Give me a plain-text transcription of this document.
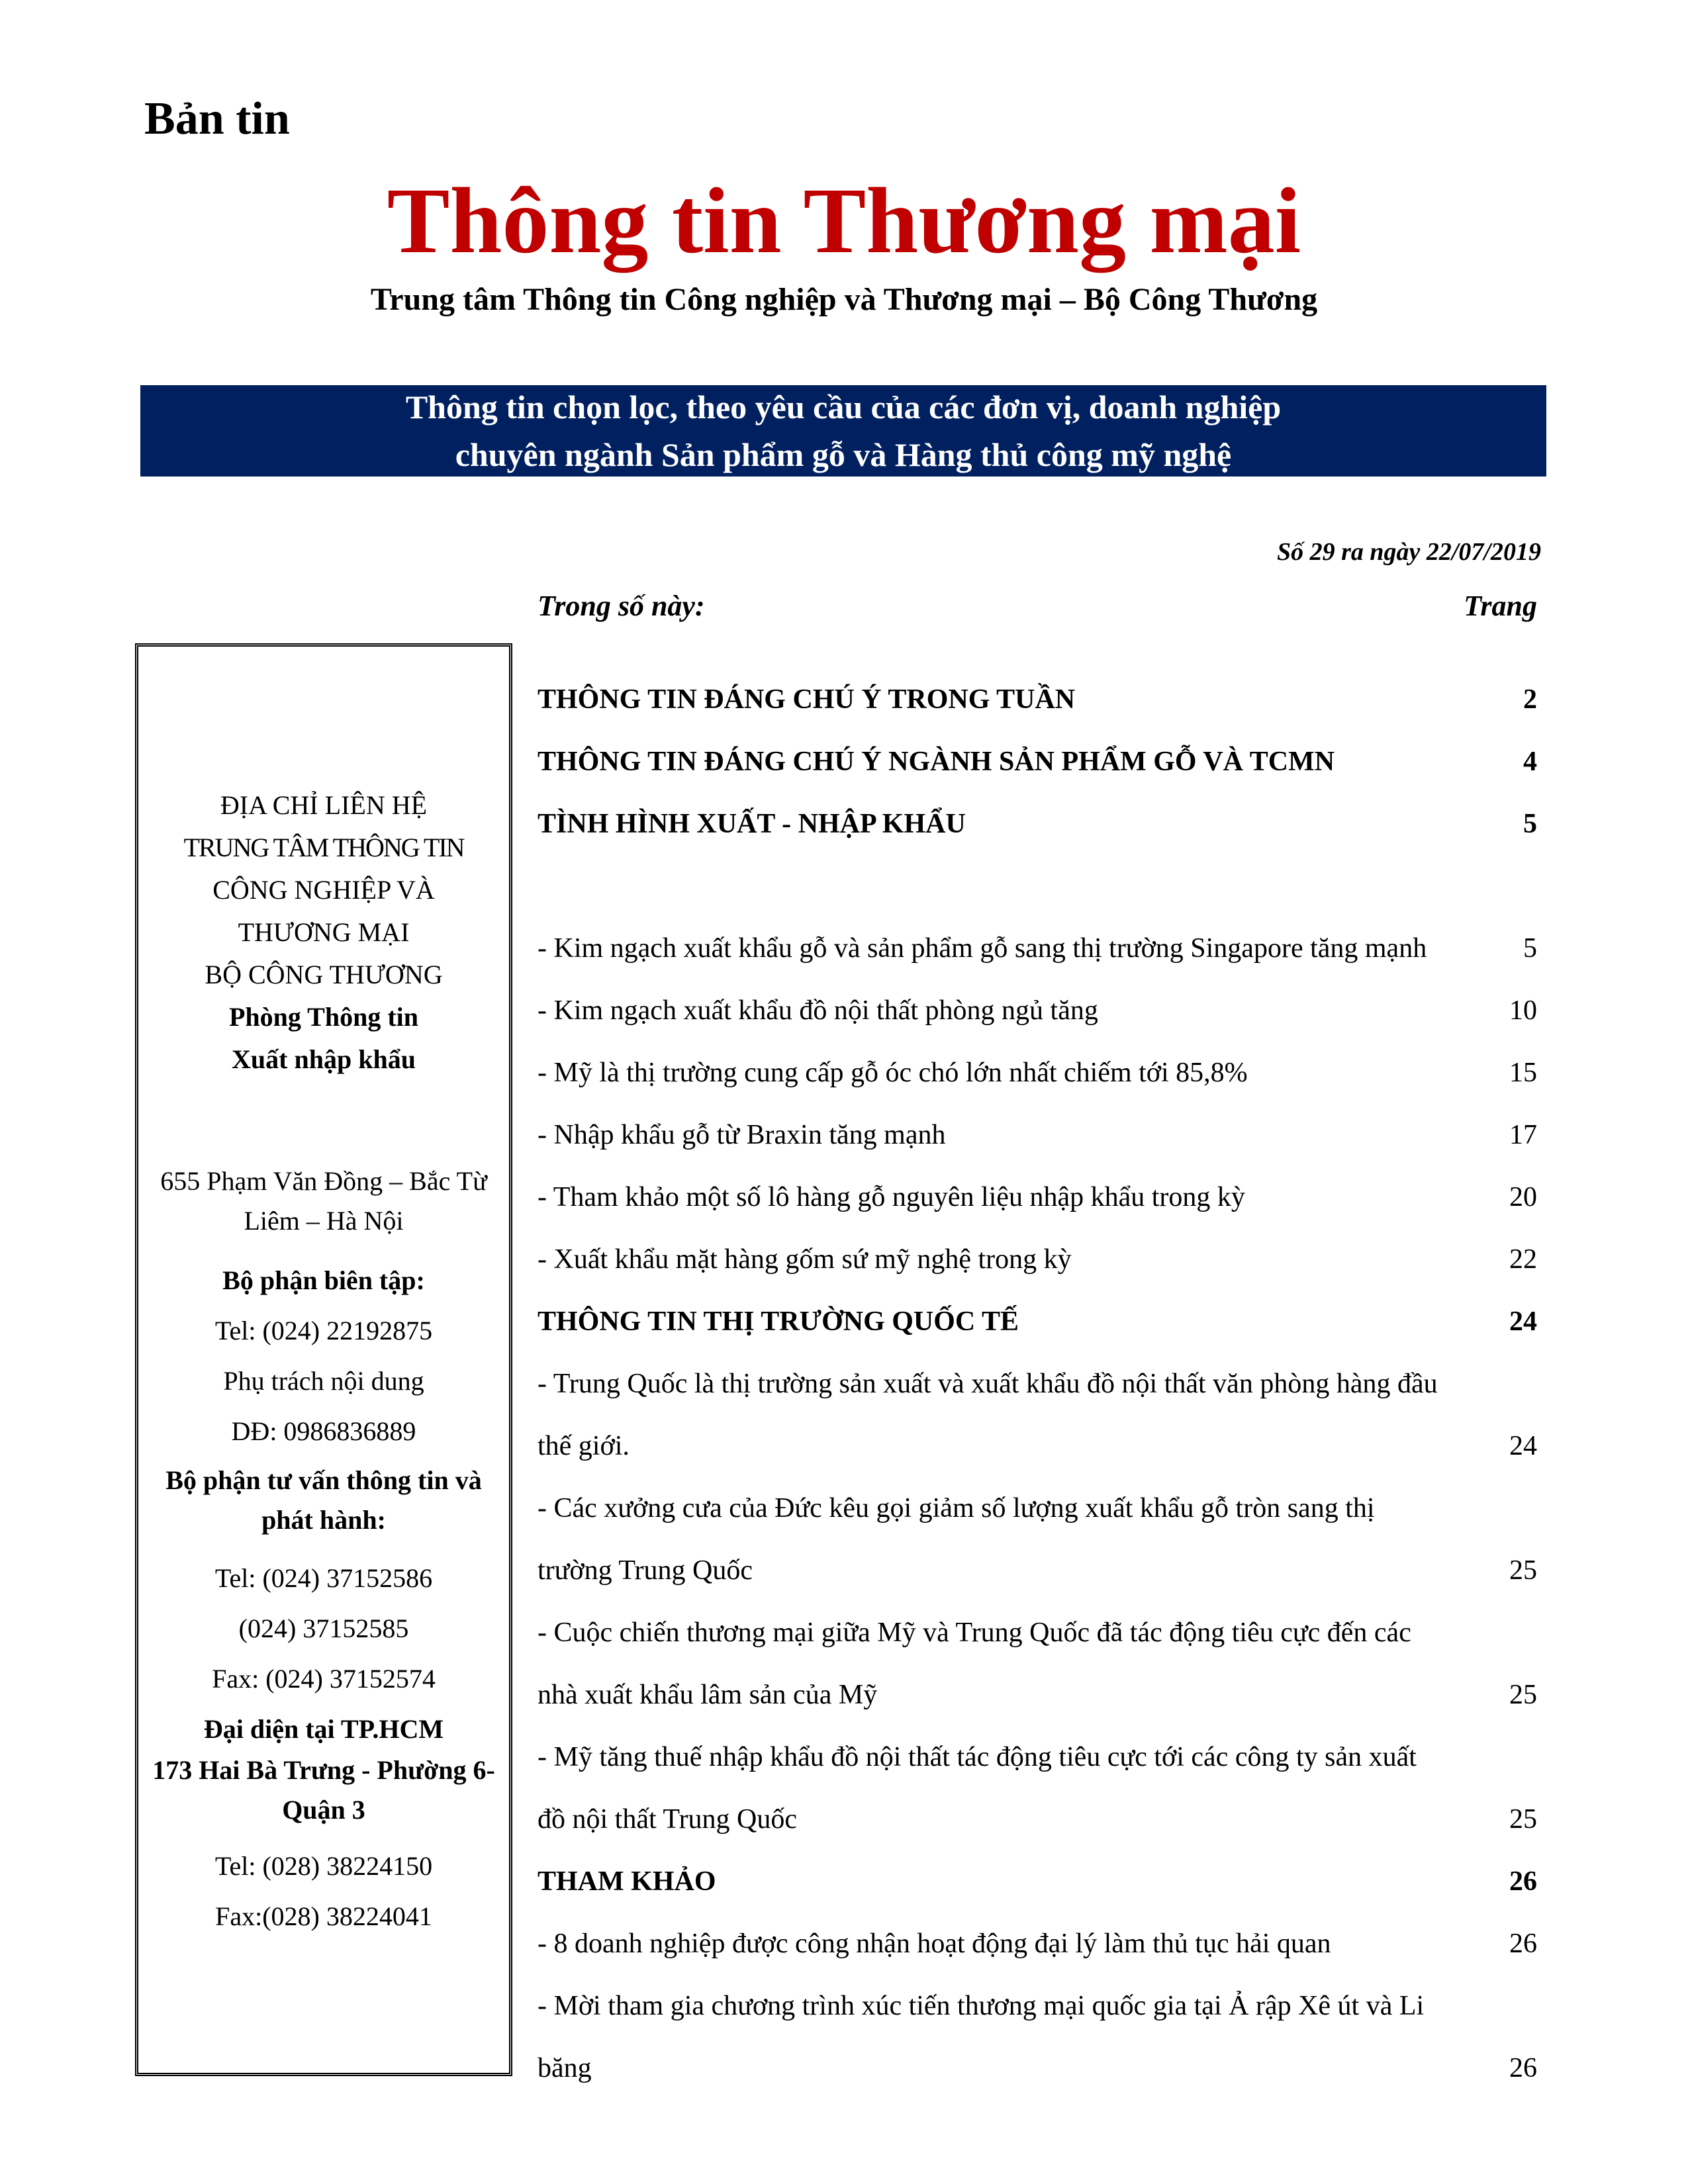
Bản tin
Thông tin Thương mại
Trung tâm Thông tin Công nghiệp và Thương mại – Bộ Công Thương
Thông tin chọn lọc, theo yêu cầu của các đơn vị, doanh nghiệp
chuyên ngành Sản phẩm gỗ và Hàng thủ công mỹ nghệ
Số 29 ra ngày 22/07/2019
Trong số này:	Trang
ĐỊA CHỈ LIÊN HỆ
TRUNG TÂM THÔNG TIN
CÔNG NGHIỆP VÀ
THƯƠNG MẠI
BỘ CÔNG THƯƠNG
Phòng Thông tin
Xuất nhập khẩu
655 Phạm Văn Đồng – Bắc Từ Liêm – Hà Nội
Bộ phận biên tập:
Tel: (024) 22192875
Phụ trách nội dung
DĐ: 0986836889
Bộ phận tư vấn thông tin và phát hành:
Tel: (024) 37152586
(024) 37152585
Fax: (024) 37152574
Đại diện tại TP.HCM
173 Hai Bà Trưng - Phường 6- Quận 3
Tel: (028) 38224150
Fax:(028) 38224041
THÔNG TIN ĐÁNG CHÚ Ý TRONG TUẦN	2
THÔNG TIN ĐÁNG CHÚ Ý NGÀNH SẢN PHẨM GỖ VÀ TCMN	4
TÌNH HÌNH XUẤT - NHẬP KHẨU	5
- Kim ngạch xuất khẩu gỗ và sản phẩm gỗ sang thị trường Singapore tăng mạnh	5
- Kim ngạch xuất khẩu đồ nội thất phòng ngủ tăng	10
- Mỹ là thị trường cung cấp gỗ óc chó lớn nhất chiếm tới 85,8%	15
- Nhập khẩu gỗ từ Braxin tăng mạnh	17
- Tham khảo một số lô hàng gỗ nguyên liệu nhập khẩu trong kỳ	20
- Xuất khẩu mặt hàng gốm sứ mỹ nghệ trong kỳ	22
THÔNG TIN THỊ TRƯỜNG QUỐC TẾ	24
- Trung Quốc là thị trường sản xuất và xuất khẩu đồ nội thất văn phòng hàng đầu thế giới.	24
- Các xưởng cưa của Đức kêu gọi giảm số lượng xuất khẩu gỗ tròn sang thị trường Trung Quốc	25
- Cuộc chiến thương mại giữa Mỹ và Trung Quốc đã tác động tiêu cực đến các nhà xuất khẩu lâm sản của Mỹ	25
- Mỹ tăng thuế nhập khẩu đồ nội thất tác động tiêu cực tới các công ty sản xuất đồ nội thất Trung Quốc	25
THAM KHẢO	26
- 8 doanh nghiệp được công nhận hoạt động đại lý làm thủ tục hải quan	26
- Mời tham gia chương trình xúc tiến thương mại quốc gia tại Ả rập Xê út và Li băng	26
